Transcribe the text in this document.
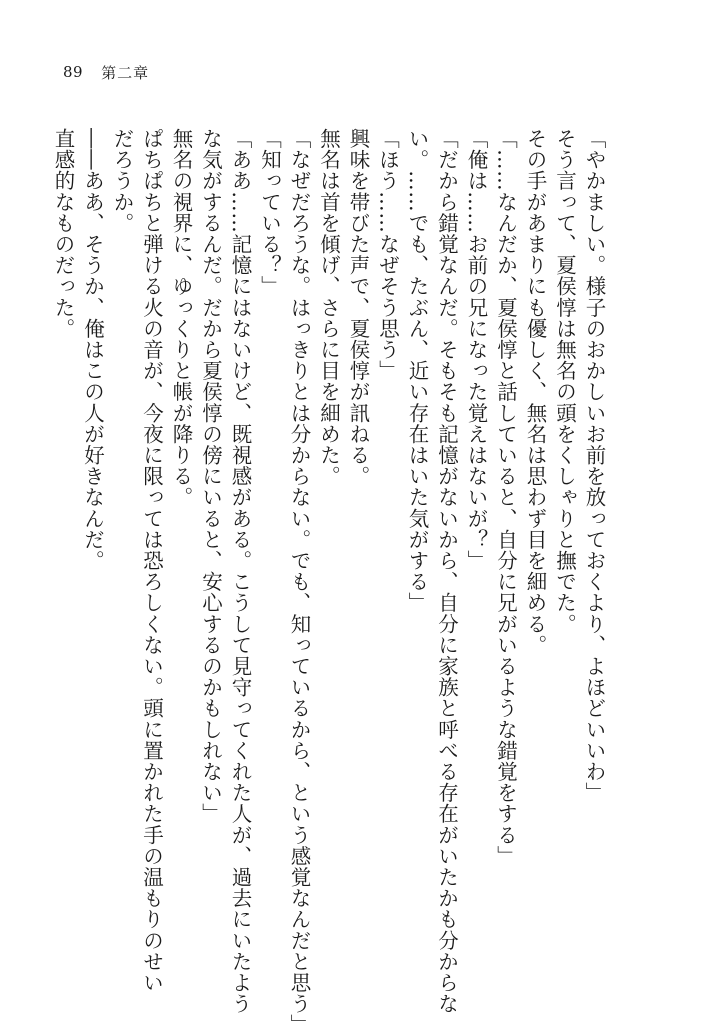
89 第二章
「やかましい。様子のおかしいお前を放っておくより、よほどいいわ」
そう言って、夏侯惇は無名の頭をくしゃりと撫でた。
その手があまりにも優しく、無名は思わず目を細める。
「……なんだか、夏侯惇と話していると、自分に兄がいるような錯覚をする」
「俺は……お前の兄になった覚えはないが？」
「だから錯覚なんだ。そもそも記憶がないから、自分に家族と呼べる存在がいたかも分からな
い。……でも、たぶん、近い存在はいた気がする」
「ほう……なぜそう思う」
興味を帯びた声で、夏侯惇が訊ねる。
無名は首を傾げ、さらに目を細めた。
「なぜだろうな。はっきりとは分からない。でも、知っているから、という感覚なんだと思う」
「知っている？」
「ああ……記憶にはないけど、既視感がある。こうして見守ってくれた人が、過去にいたよう
な気がするんだ。だから夏侯惇の傍にいると、安心するのかもしれない」
無名の視界に、ゆっくりと帳が降りる。
ぱちぱちと弾ける火の音が、今夜に限っては恐ろしくない。頭に置かれた手の温もりのせい
だろうか。
――ああ、そうか、俺はこの人が好きなんだ。
直感的なものだった。
